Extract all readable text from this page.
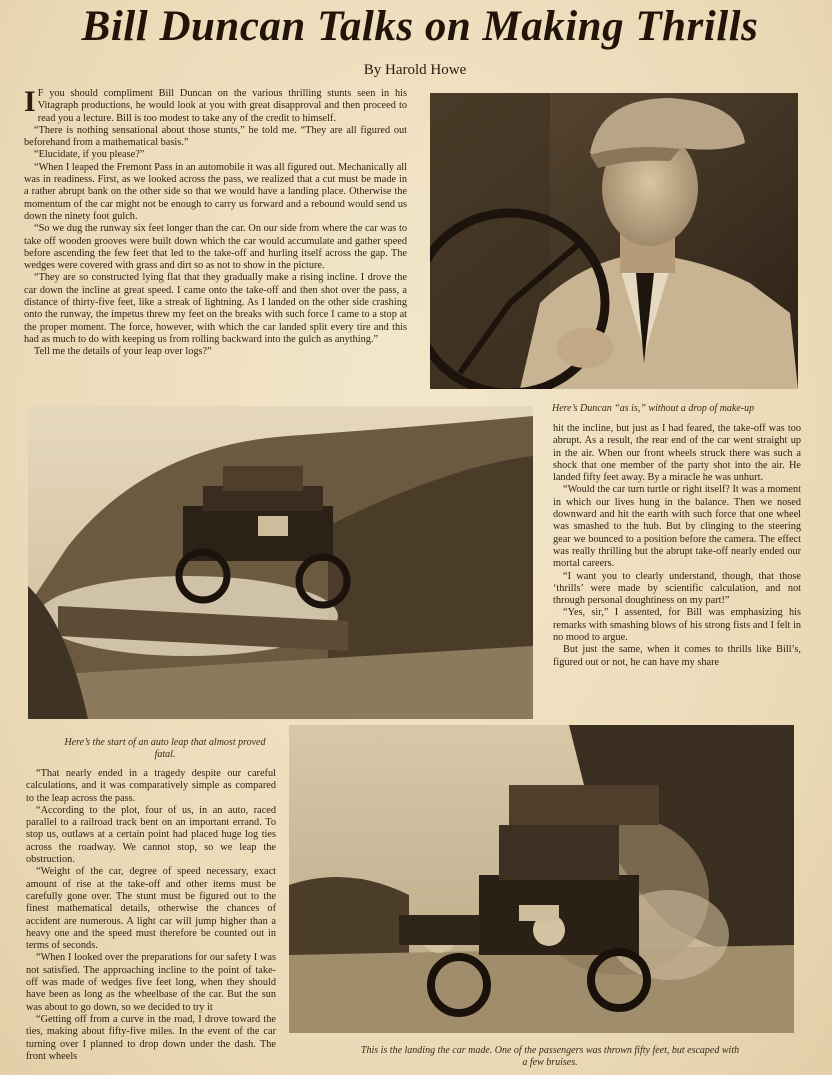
Bill Duncan Talks on Making Thrills
By Harold Howe

I F you should compliment Bill Duncan on the various thrilling stunts seen in his Vitagraph productions, he would look at you with great disapproval and then proceed to read you a lecture. Bill is too modest to take any of the credit to himself.

“There is nothing sensational about those stunts,” he told me. “They are all figured out beforehand from a mathematical basis.”

“Elucidate, if you please?”

“When I leaped the Fremont Pass in an automobile it was all figured out. Mechanically all was in readiness. First, as we looked across the pass, we realized that a cut must be made in a rather abrupt bank on the other side so that we would have a landing place. Otherwise the momentum of the car might not be enough to carry us forward and a rebound would send us down the ninety foot gulch.

“So we dug the runway six feet longer than the car. On our side from where the car was to take off wooden grooves were built down which the car would accumulate and gather speed before ascending the few feet that led to the take-off and hurling itself across the gap. The wedges were covered with grass and dirt so as not to show in the picture.

“They are so constructed lying flat that they gradually make a rising incline. I drove the car down the incline at great speed. I came onto the take-off and then shot over the pass, a distance of thirty-five feet, like a streak of lightning. As I landed on the other side crashing onto the runway, the impetus threw my feet on the breaks with such force I came to a stop at the proper moment. The force, however, with which the car landed split every tire and this had as much to do with keeping us from rolling backward into the gulch as anything.”

Tell me the details of your leap over logs?”

Here’s Duncan “as is,” without a drop of make-up

hit the incline, but just as I had feared, the take-off was too abrupt. As a result, the rear end of the car went straight up in the air. When our front wheels struck there was such a shock that one member of the party shot into the air. He landed fifty feet away. By a miracle he was unhurt.

“Would the car turn turtle or right itself? It was a moment in which our lives hung in the balance. Then we nosed downward and hit the earth with such force that one wheel was smashed to the hub. But by clinging to the steering gear we bounced to a position before the camera. The effect was really thrilling but the abrupt take-off nearly ended our mortal careers.

“I want you to clearly understand, though, that those ‘thrills’ were made by scientific calculation, and not through personal doughtiness on my part!”

“Yes, sir,” I assented, for Bill was emphasizing his remarks with smashing blows of his strong fists and I felt in no mood to argue.

But just the same, when it comes to thrills like Bill’s, figured out or not, he can have my share

Here’s the start of an auto leap that almost proved fatal.

“That nearly ended in a tragedy despite our careful calculations, and it was comparatively simple as compared to the leap across the pass.

“According to the plot, four of us, in an auto, raced parallel to a railroad track bent on an important errand. To stop us, outlaws at a certain point had placed huge log ties across the roadway. We cannot stop, so we leap the obstruction.

“Weight of the car, degree of speed necessary, exact amount of rise at the take-off and other items must be carefully gone over. The stunt must be figured out to the finest mathematical details, otherwise the chances of accident are numerous. A light car will jump higher than a heavy one and the speed must therefore be counted out in terms of seconds.

“When I looked over the preparations for our safety I was not satisfied. The approaching incline to the point of take-off was made of wedges five feet long, when they should have been as long as the wheelbase of the car. But the sun was about to go down, so we decided to try it

“Getting off from a curve in the road, I drove toward the ties, making about fifty-five miles. In the event of the car turning over I planned to drop down under the dash. The front wheels

This is the landing the car made. One of the passengers was thrown fifty feet, but escaped with a few bruises.
